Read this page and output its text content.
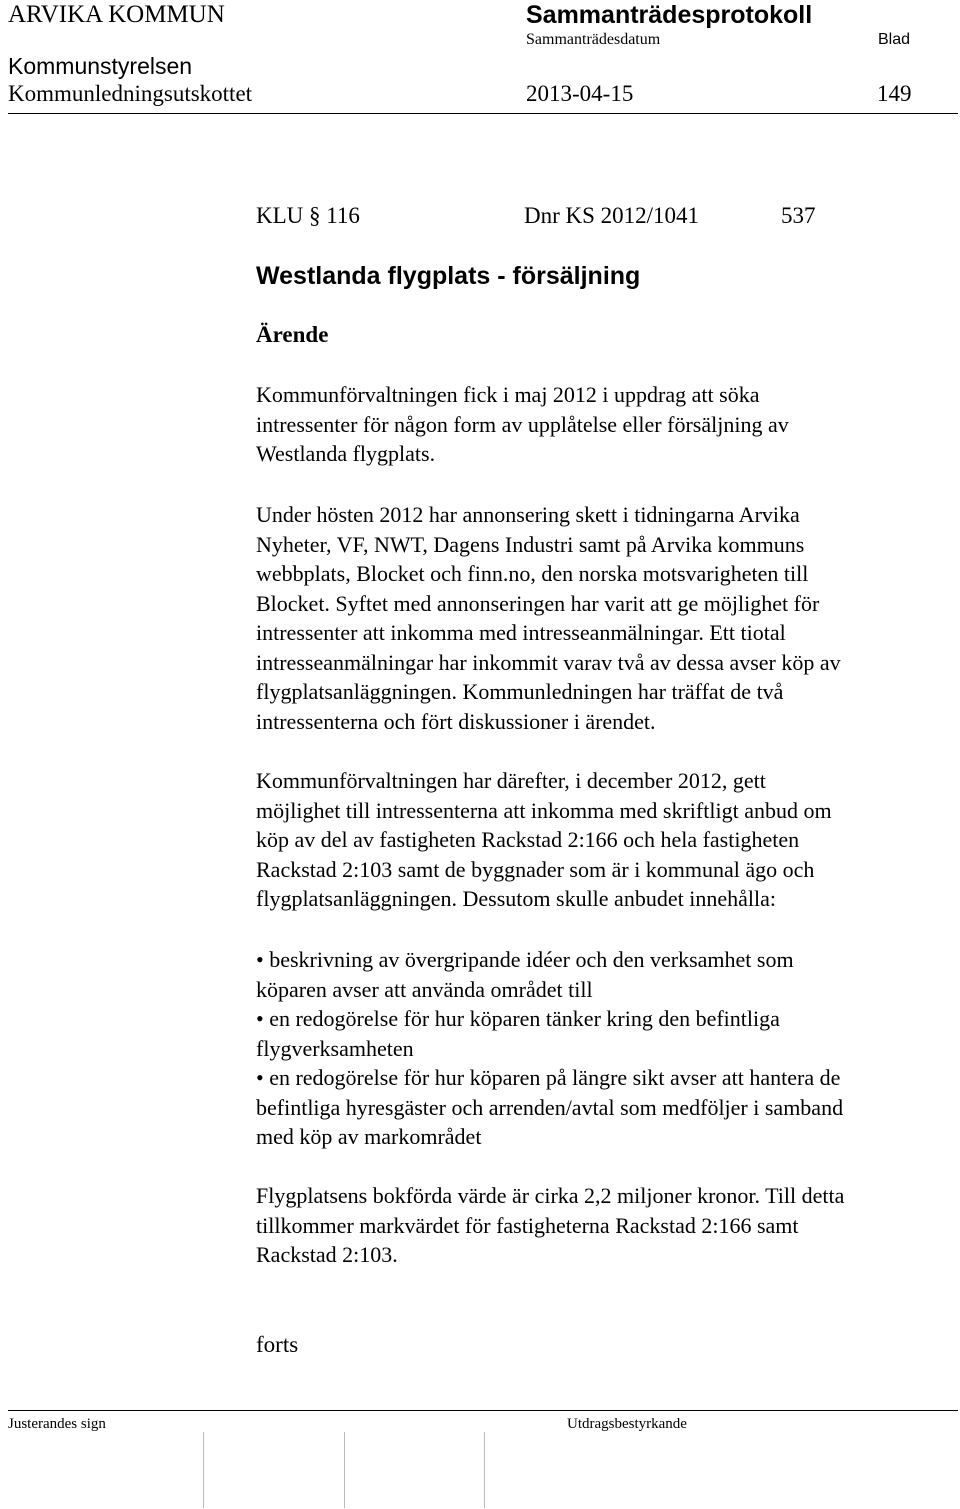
ARVIKA KOMMUN	Sammanträdesprotokoll
Sammanträdesdatum	Blad
Kommunstyrelsen
Kommunledningsutskottet	2013-04-15	149
KLU § 116	Dnr KS 2012/1041	537
Westlanda flygplats - försäljning
Ärende
Kommunförvaltningen fick i maj 2012 i uppdrag att söka
intressenter för någon form av upplåtelse eller försäljning av
Westlanda flygplats.
Under hösten 2012 har annonsering skett i tidningarna Arvika
Nyheter, VF, NWT, Dagens Industri samt på Arvika kommuns
webbplats, Blocket och finn.no, den norska motsvarigheten till
Blocket. Syftet med annonseringen har varit att ge möjlighet för
intressenter att inkomma med intresseanmälningar. Ett tiotal
intresseanmälningar har inkommit varav två av dessa avser köp av
flygplatsanläggningen. Kommunledningen har träffat de två
intressenterna och fört diskussioner i ärendet.
Kommunförvaltningen har därefter, i december 2012, gett
möjlighet till intressenterna att inkomma med skriftligt anbud om
köp av del av fastigheten Rackstad 2:166 och hela fastigheten
Rackstad 2:103 samt de byggnader som är i kommunal ägo och
flygplatsanläggningen. Dessutom skulle anbudet innehålla:
• beskrivning av övergripande idéer och den verksamhet som
köparen avser att använda området till
• en redogörelse för hur köparen tänker kring den befintliga
flygverksamheten
• en redogörelse för hur köparen på längre sikt avser att hantera de
befintliga hyresgäster och arrenden/avtal som medföljer i samband
med köp av markområdet
Flygplatsens bokförda värde är cirka 2,2 miljoner kronor. Till detta
tillkommer markvärdet för fastigheterna Rackstad 2:166 samt
Rackstad 2:103.
forts
Justerandes sign	Utdragsbestyrkande
